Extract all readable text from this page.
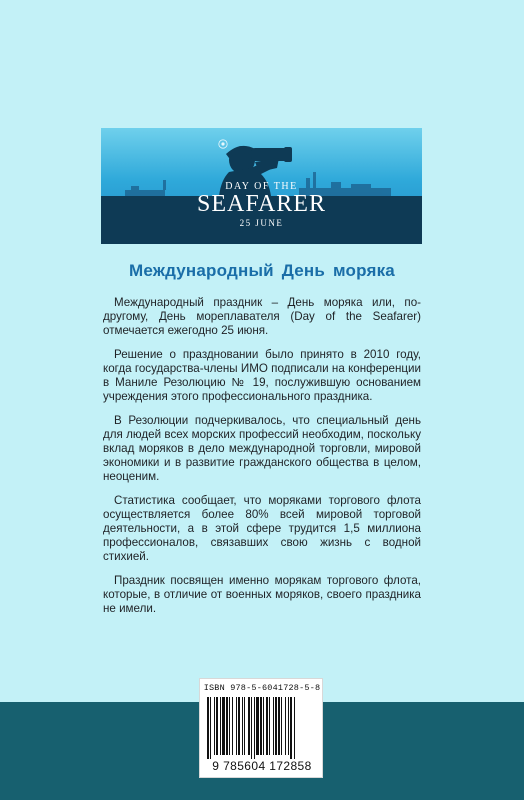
DAY OF THE
SEAFARER
25 JUNE
Международный День моряка

Международный праздник – День моряка или, по-другому, День мореплавателя (Day of the Seafarer) отмечается ежегодно 25 июня.

Решение о праздновании было принято в 2010 году, когда государства-члены ИМО подписали на конференции в Маниле Резолюцию № 19, послужившую основанием учреждения этого профессионального праздника.

В Резолюции подчеркивалось, что специальный день для людей всех морских профессий необходим, поскольку вклад моряков в дело международной торговли, мировой экономики и в развитие гражданского общества в целом, неоценим.

Статистика сообщает, что моряками торгового флота осуществляется более 80% всей мировой торговой деятельности, а в этой сфере трудится 1,5 миллиона профессионалов, связавших свою жизнь с водной стихией.

Праздник посвящен именно морякам торгового флота, которые, в отличие от военных моряков, своего праздника не имели.

ISBN 978-5-6041728-5-8
9 785604 172858
